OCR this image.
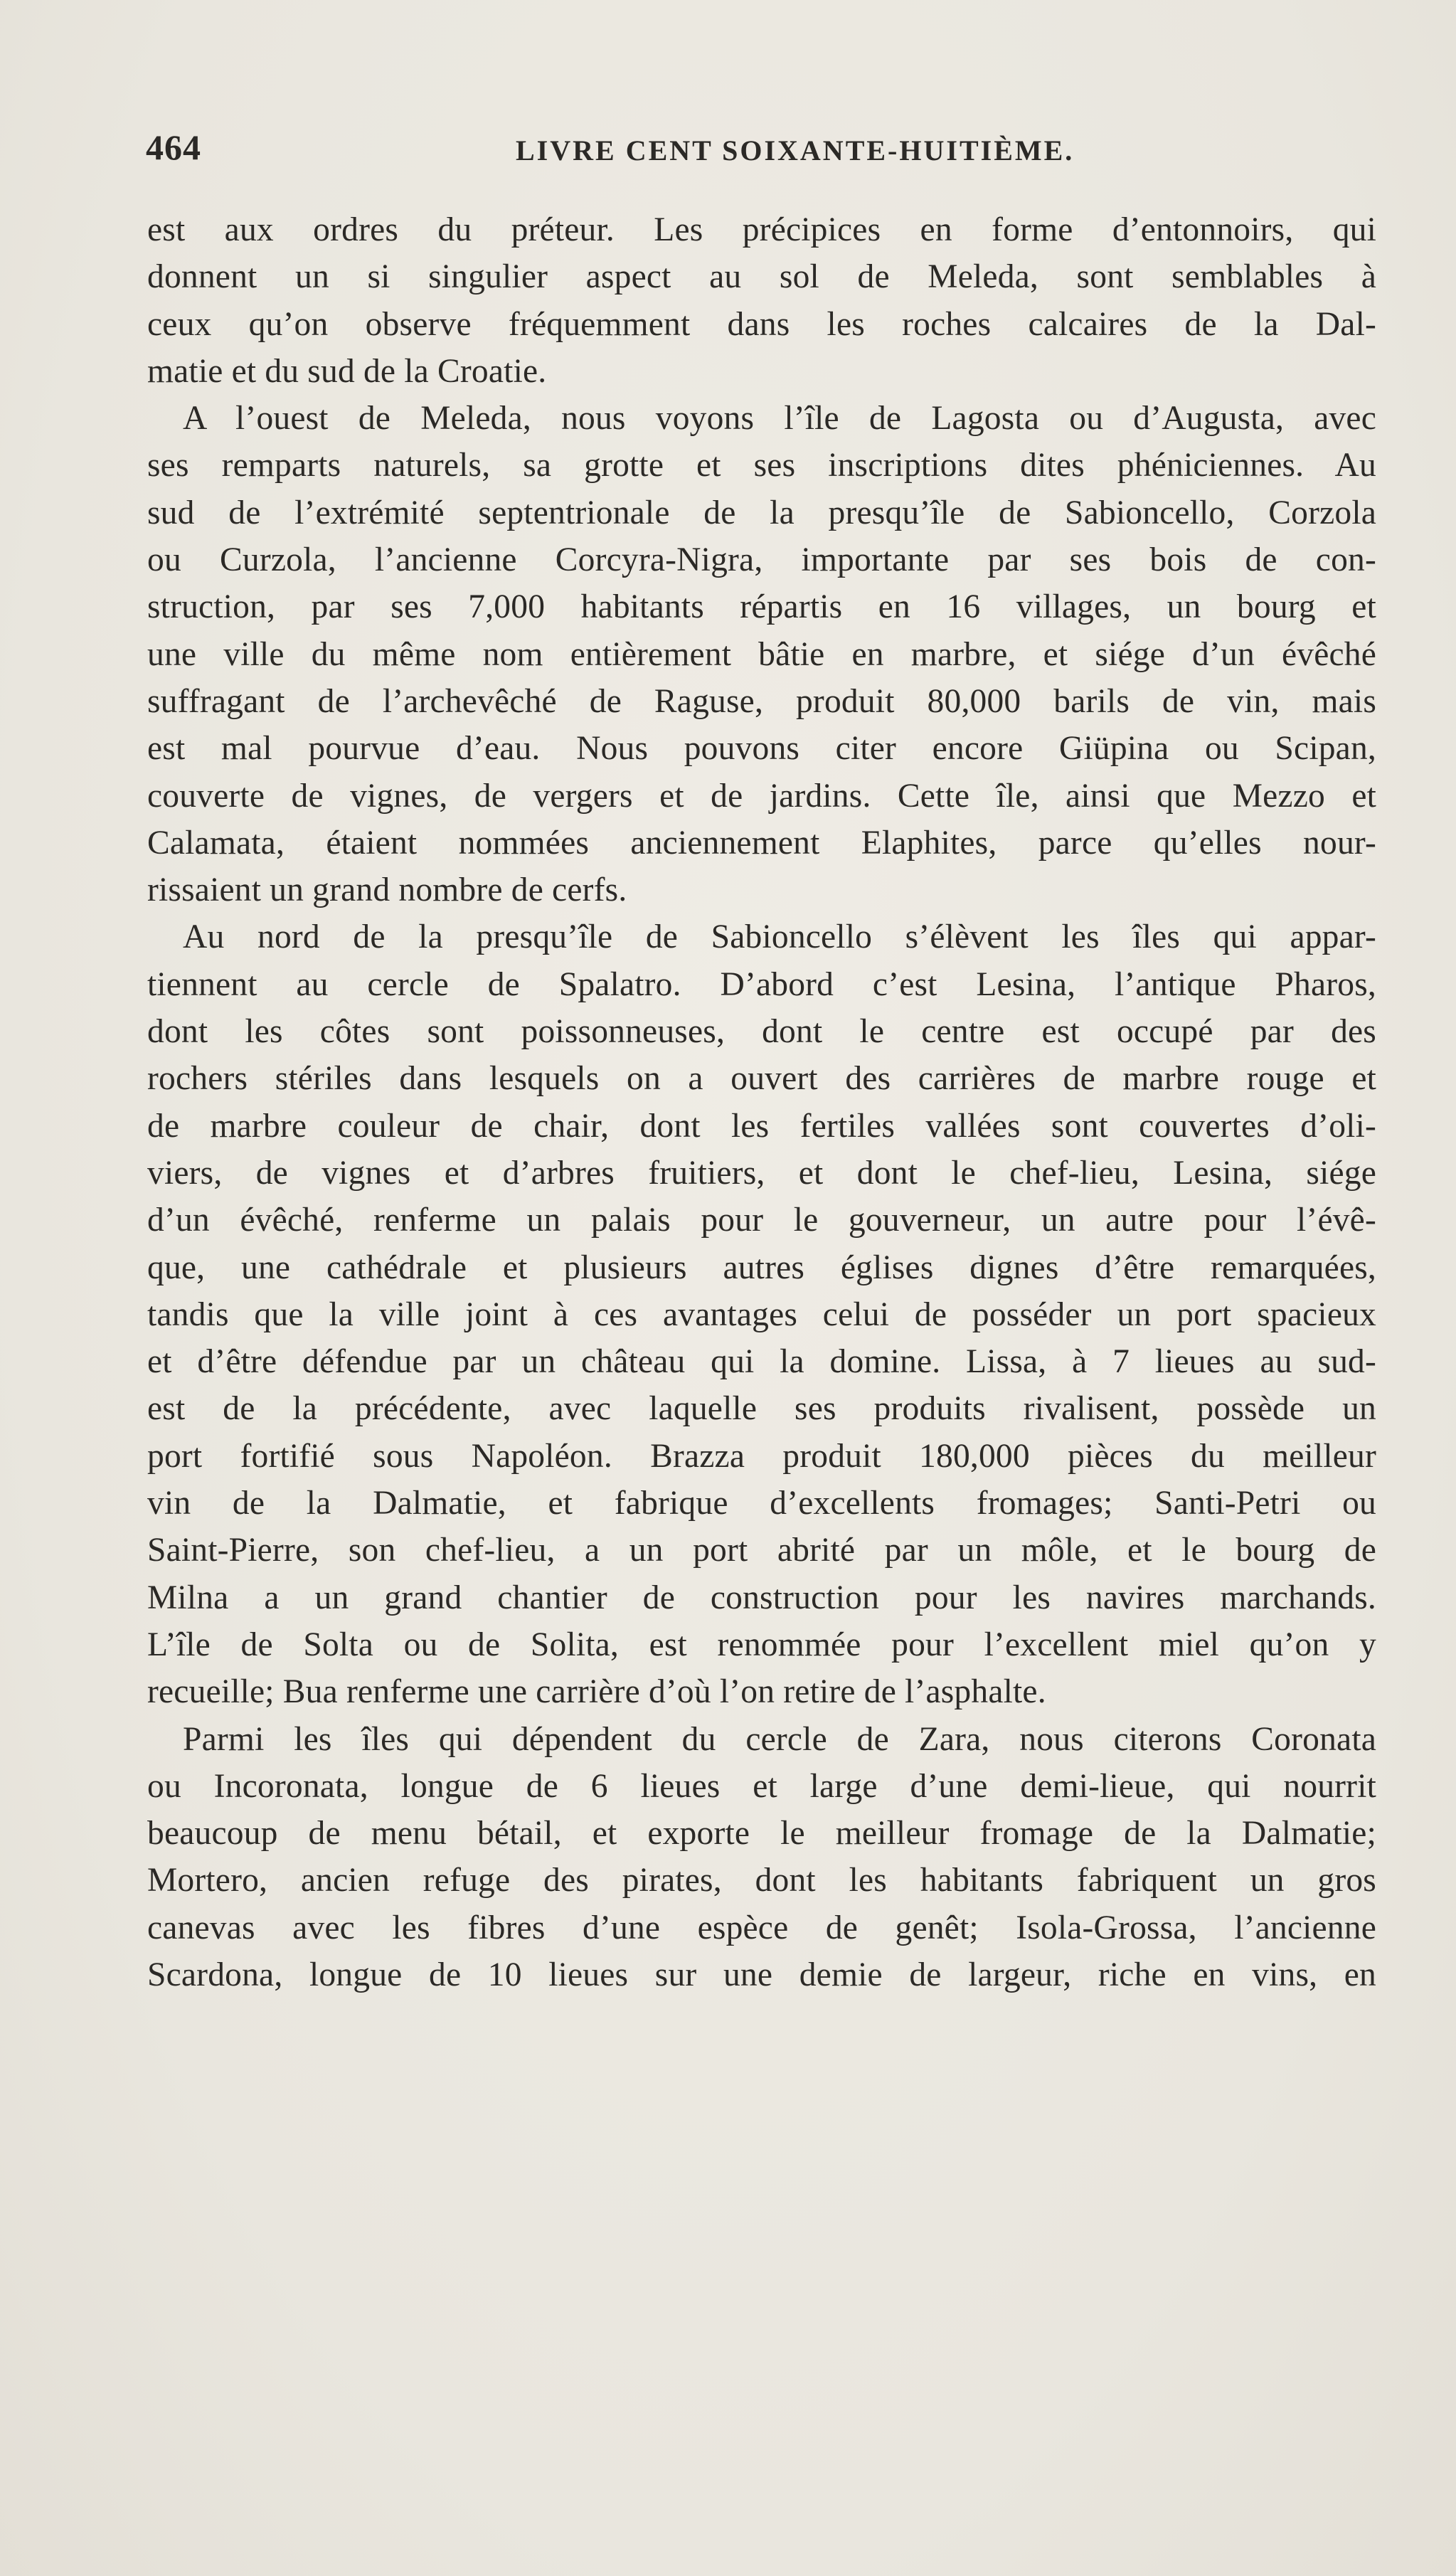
464	LIVRE CENT SOIXANTE-HUITIÈME.
est aux ordres du préteur. Les précipices en forme d’entonnoirs, qui
donnent un si singulier aspect au sol de Meleda, sont semblables à
ceux qu’on observe fréquemment dans les roches calcaires de la Dal-
matie et du sud de la Croatie.
A l’ouest de Meleda, nous voyons l’île de Lagosta ou d’Augusta, avec
ses remparts naturels, sa grotte et ses inscriptions dites phéniciennes. Au
sud de l’extrémité septentrionale de la presqu’île de Sabioncello, Corzola
ou Curzola, l’ancienne Corcyra-Nigra, importante par ses bois de con-
struction, par ses 7,000 habitants répartis en 16 villages, un bourg et
une ville du même nom entièrement bâtie en marbre, et siége d’un évêché
suffragant de l’archevêché de Raguse, produit 80,000 barils de vin, mais
est mal pourvue d’eau. Nous pouvons citer encore Giüpina ou Scipan,
couverte de vignes, de vergers et de jardins. Cette île, ainsi que Mezzo et
Calamata, étaient nommées anciennement Elaphites, parce qu’elles nour-
rissaient un grand nombre de cerfs.
Au nord de la presqu’île de Sabioncello s’élèvent les îles qui appar-
tiennent au cercle de Spalatro. D’abord c’est Lesina, l’antique Pharos,
dont les côtes sont poissonneuses, dont le centre est occupé par des
rochers stériles dans lesquels on a ouvert des carrières de marbre rouge et
de marbre couleur de chair, dont les fertiles vallées sont couvertes d’oli-
viers, de vignes et d’arbres fruitiers, et dont le chef-lieu, Lesina, siége
d’un évêché, renferme un palais pour le gouverneur, un autre pour l’évê-
que, une cathédrale et plusieurs autres églises dignes d’être remarquées,
tandis que la ville joint à ces avantages celui de posséder un port spacieux
et d’être défendue par un château qui la domine. Lissa, à 7 lieues au sud-
est de la précédente, avec laquelle ses produits rivalisent, possède un
port fortifié sous Napoléon. Brazza produit 180,000 pièces du meilleur
vin de la Dalmatie, et fabrique d’excellents fromages; Santi-Petri ou
Saint-Pierre, son chef-lieu, a un port abrité par un môle, et le bourg de
Milna a un grand chantier de construction pour les navires marchands.
L’île de Solta ou de Solita, est renommée pour l’excellent miel qu’on y
recueille; Bua renferme une carrière d’où l’on retire de l’asphalte.
Parmi les îles qui dépendent du cercle de Zara, nous citerons Coronata
ou Incoronata, longue de 6 lieues et large d’une demi-lieue, qui nourrit
beaucoup de menu bétail, et exporte le meilleur fromage de la Dalmatie;
Mortero, ancien refuge des pirates, dont les habitants fabriquent un gros
canevas avec les fibres d’une espèce de genêt; Isola-Grossa, l’ancienne
Scardona, longue de 10 lieues sur une demie de largeur, riche en vins, en
